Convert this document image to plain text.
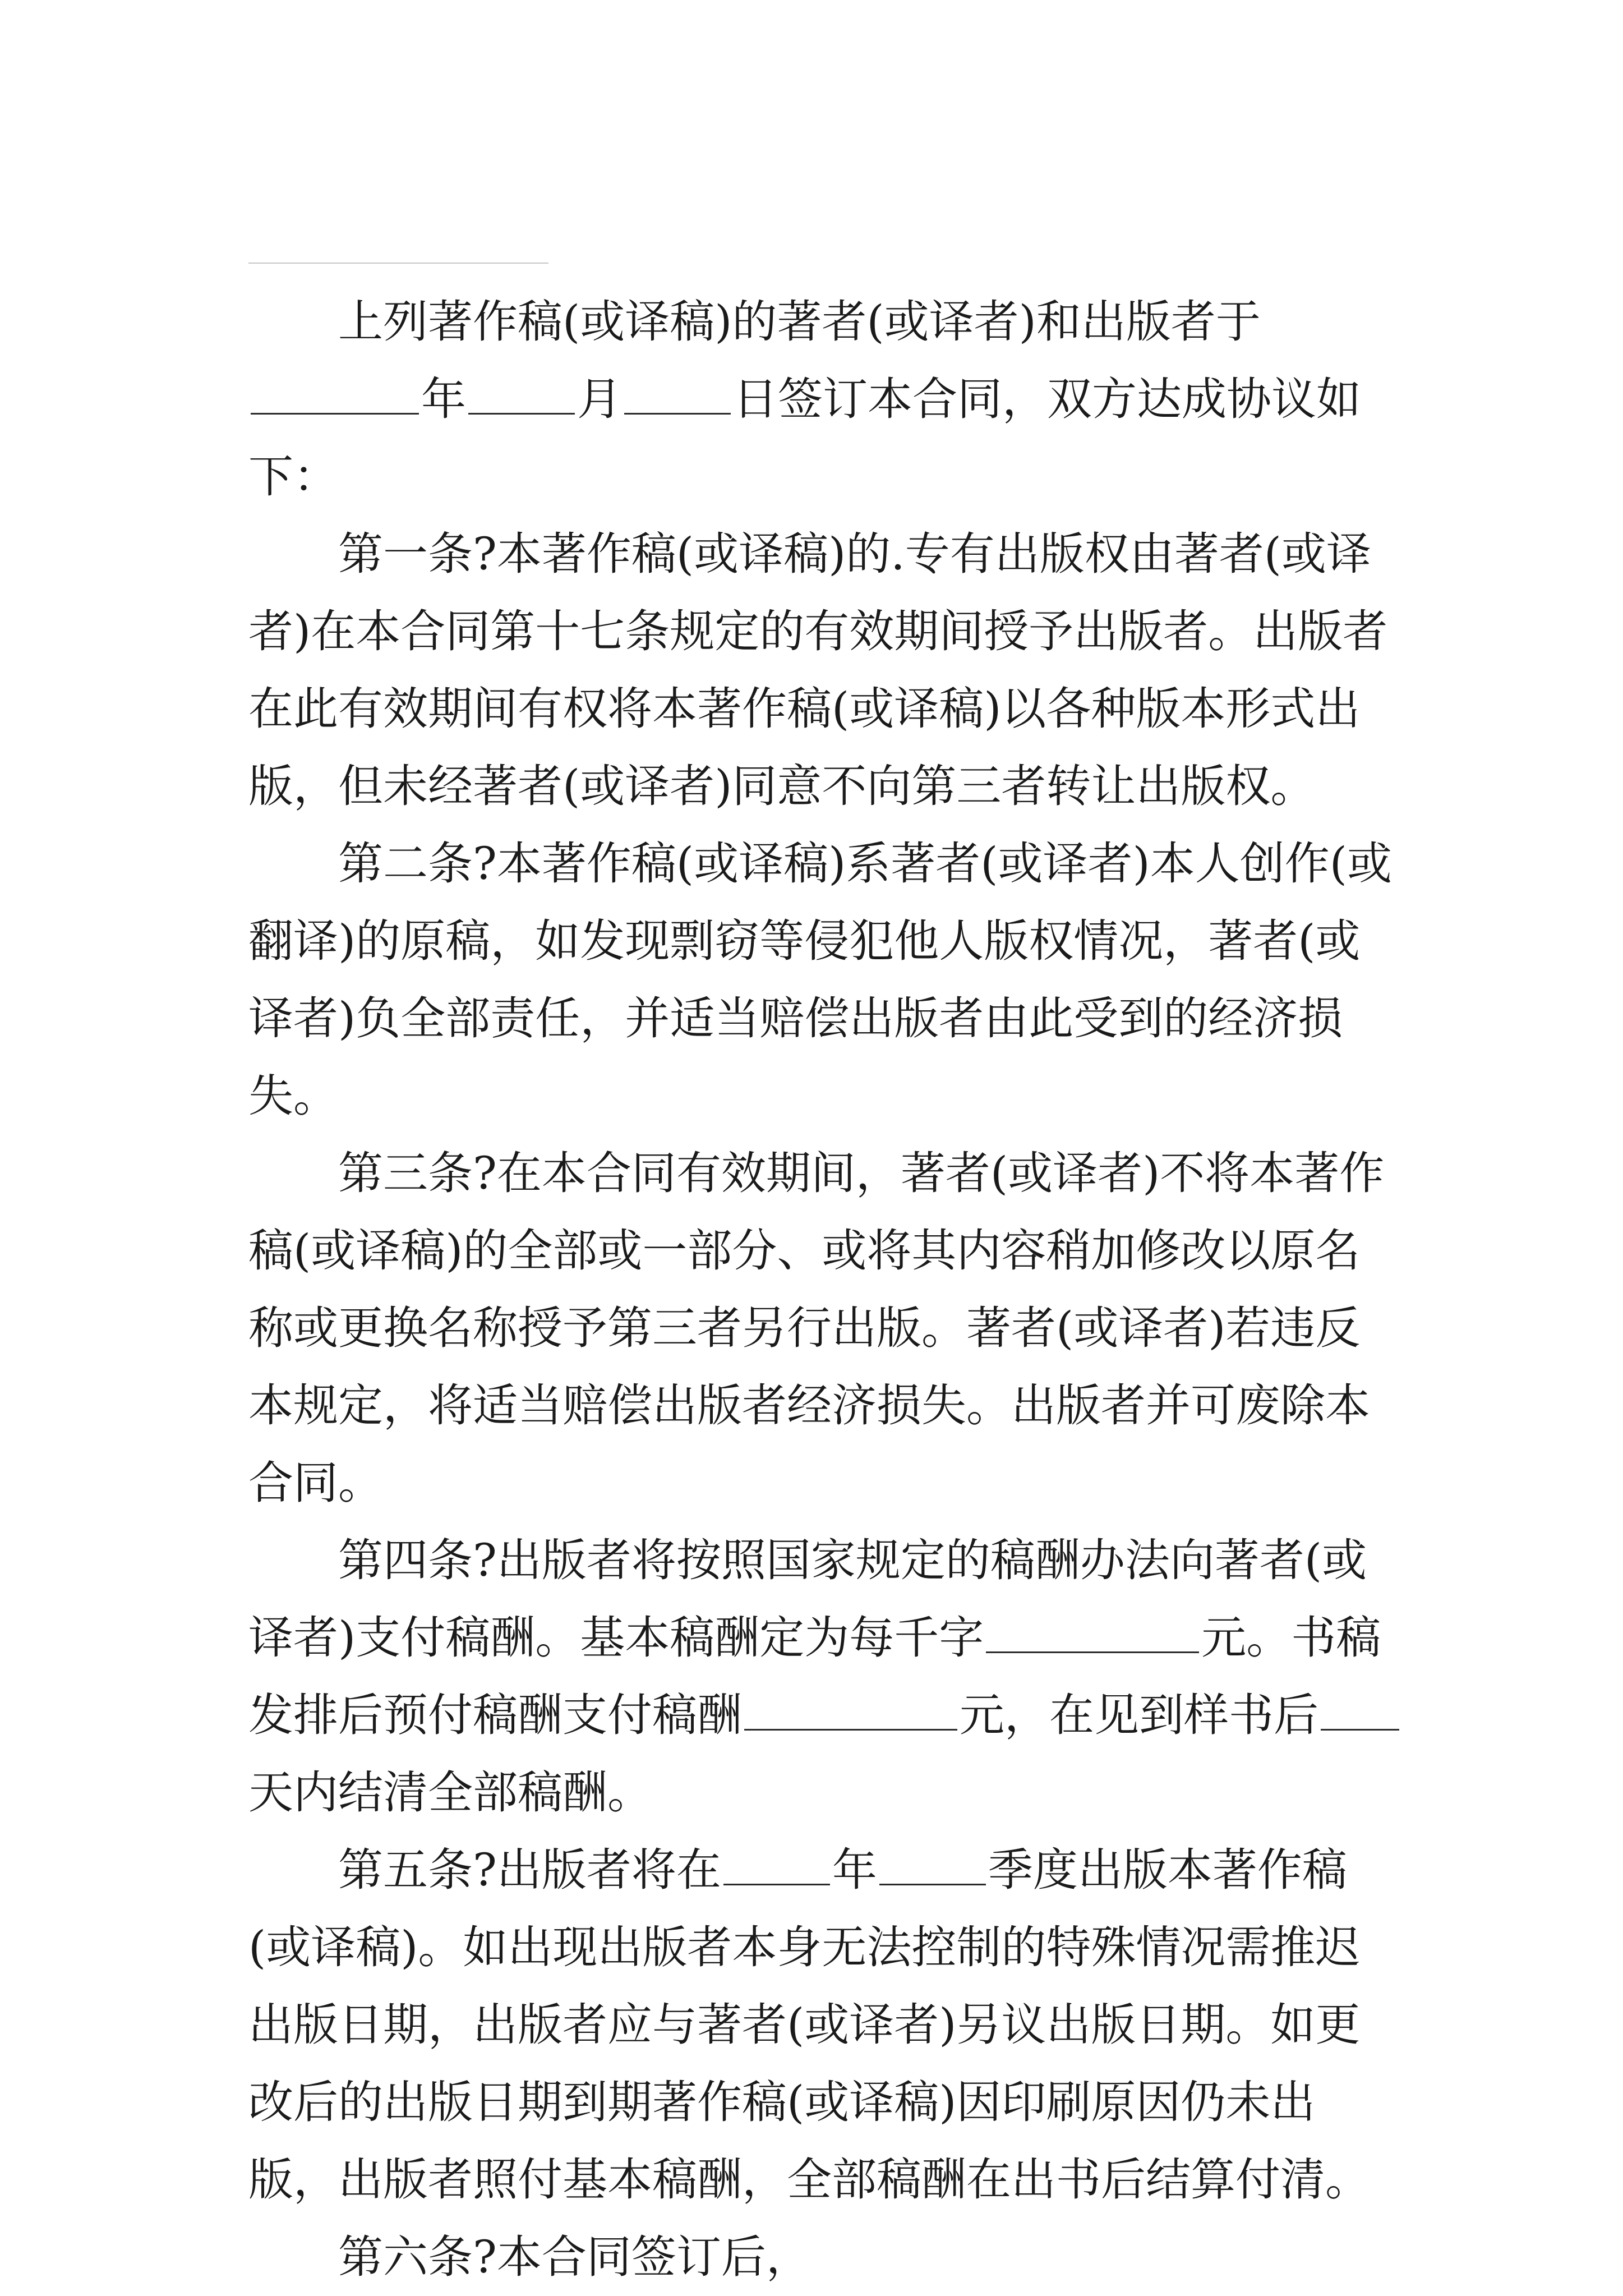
上列著作稿(或译稿)的著者(或译者)和出版者于

年 月 日签订本合同，双方达成协议如下：

第一条?本著作稿(或译稿)的.专有出版权由著者(或译者)在本合同第十七条规定的有效期间授予出版者。出版者在此有效期间有权将本著作稿(或译稿)以各种版本形式出版，但未经著者(或译者)同意不向第三者转让出版权。

第二条?本著作稿(或译稿)系著者(或译者)本人创作(或翻译)的原稿，如发现剽窃等侵犯他人版权情况，著者(或译者)负全部责任，并适当赔偿出版者由此受到的经济损失。

第三条?在本合同有效期间，著者(或译者)不将本著作稿(或译稿)的全部或一部分、或将其内容稍加修改以原名称或更换名称授予第三者另行出版。著者(或译者)若违反本规定，将适当赔偿出版者经济损失。出版者并可废除本合同。

第四条?出版者将按照国家规定的稿酬办法向著者(或译者)支付稿酬。基本稿酬定为每千字	元。书稿发排后预付稿酬支付稿酬	元，在见到样书后天内结清全部稿酬。

第五条?出版者将在 年 季度出版本著作稿(或译稿)。如出现出版者本身无法控制的特殊情况需推迟出版日期，出版者应与著者(或译者)另议出版日期。如更改后的出版日期到期著作稿(或译稿)因印刷原因仍未出版，出版者照付基本稿酬，全部稿酬在出书后结算付清。

第六条?本合同签订后，
